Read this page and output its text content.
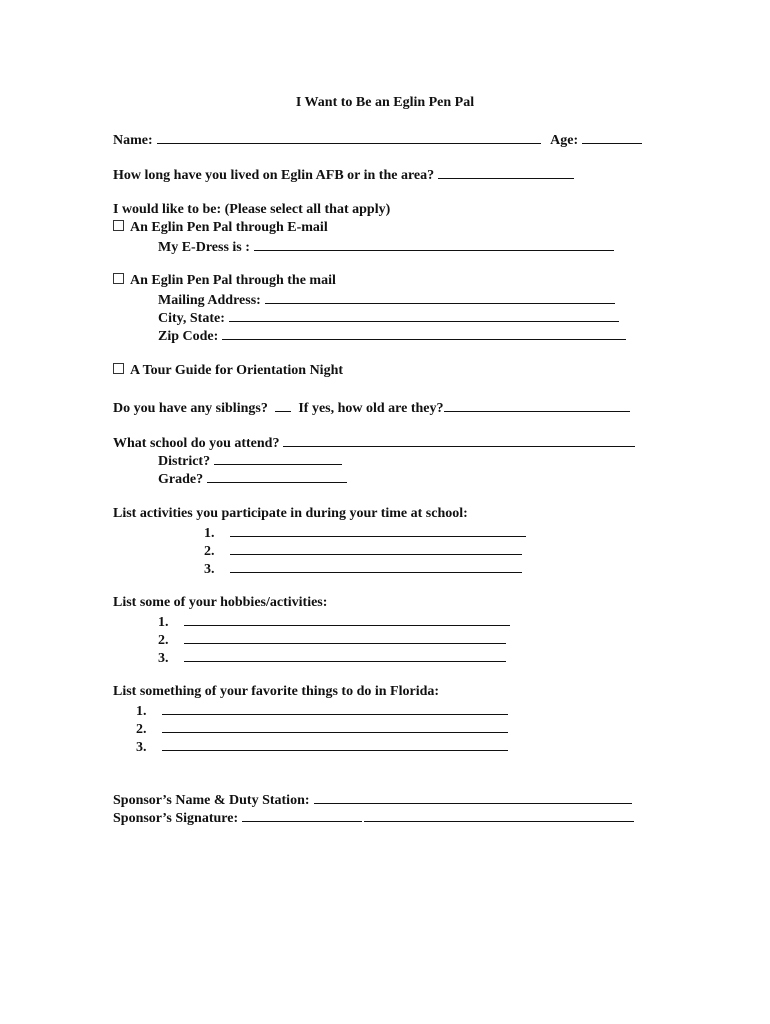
I Want to Be an Eglin Pen Pal
Name:	Age:
How long have you lived on Eglin AFB or in the area?
I would like to be: (Please select all that apply)
An Eglin Pen Pal through E-mail
My E-Dress is :
An Eglin Pen Pal through the mail
Mailing Address:
City, State:
Zip Code:
A Tour Guide for Orientation Night
Do you have any siblings? If yes, how old are they?
What school do you attend?
District?
Grade?
List activities you participate in during your time at school:
1.
2.
3.
List some of your hobbies/activities:
1.
2.
3.
List something of your favorite things to do in Florida:
1.
2.
3.
Sponsor’s Name & Duty Station:
Sponsor’s Signature:
